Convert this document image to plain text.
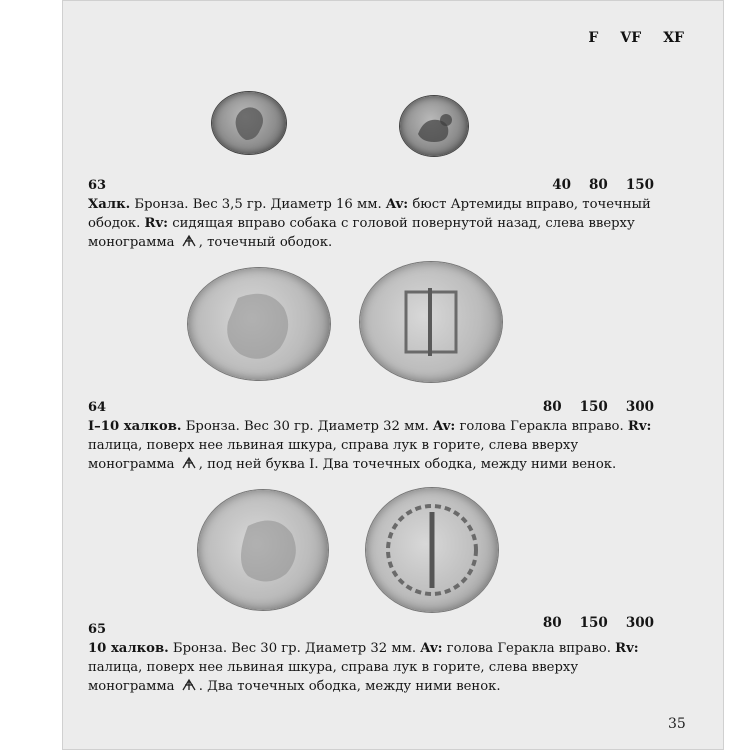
F VF XF
63	40 80 150

Халк. Бронза. Вес 3,5 гр. Диаметр 16 мм. Av: бюст Артемиды вправо, точечный ободок. Rv: сидящая вправо собака с головой повернутой назад, слева вверху монограмма , точечный ободок.

64	80 150 300

I–10 халков. Бронза. Вес 30 гр. Диаметр 32 мм. Av: голова Геракла вправо. Rv: палица, поверх нее львиная шкура, справа лук в горите, слева вверху монограмма , под ней буква I. Два точечных ободка, между ними венок.

65	80 150 300

10 халков. Бронза. Вес 30 гр. Диаметр 32 мм. Av: голова Геракла вправо. Rv: палица, поверх нее львиная шкура, справа лук в горите, слева вверху монограмма . Два точечных ободка, между ними венок.

35
